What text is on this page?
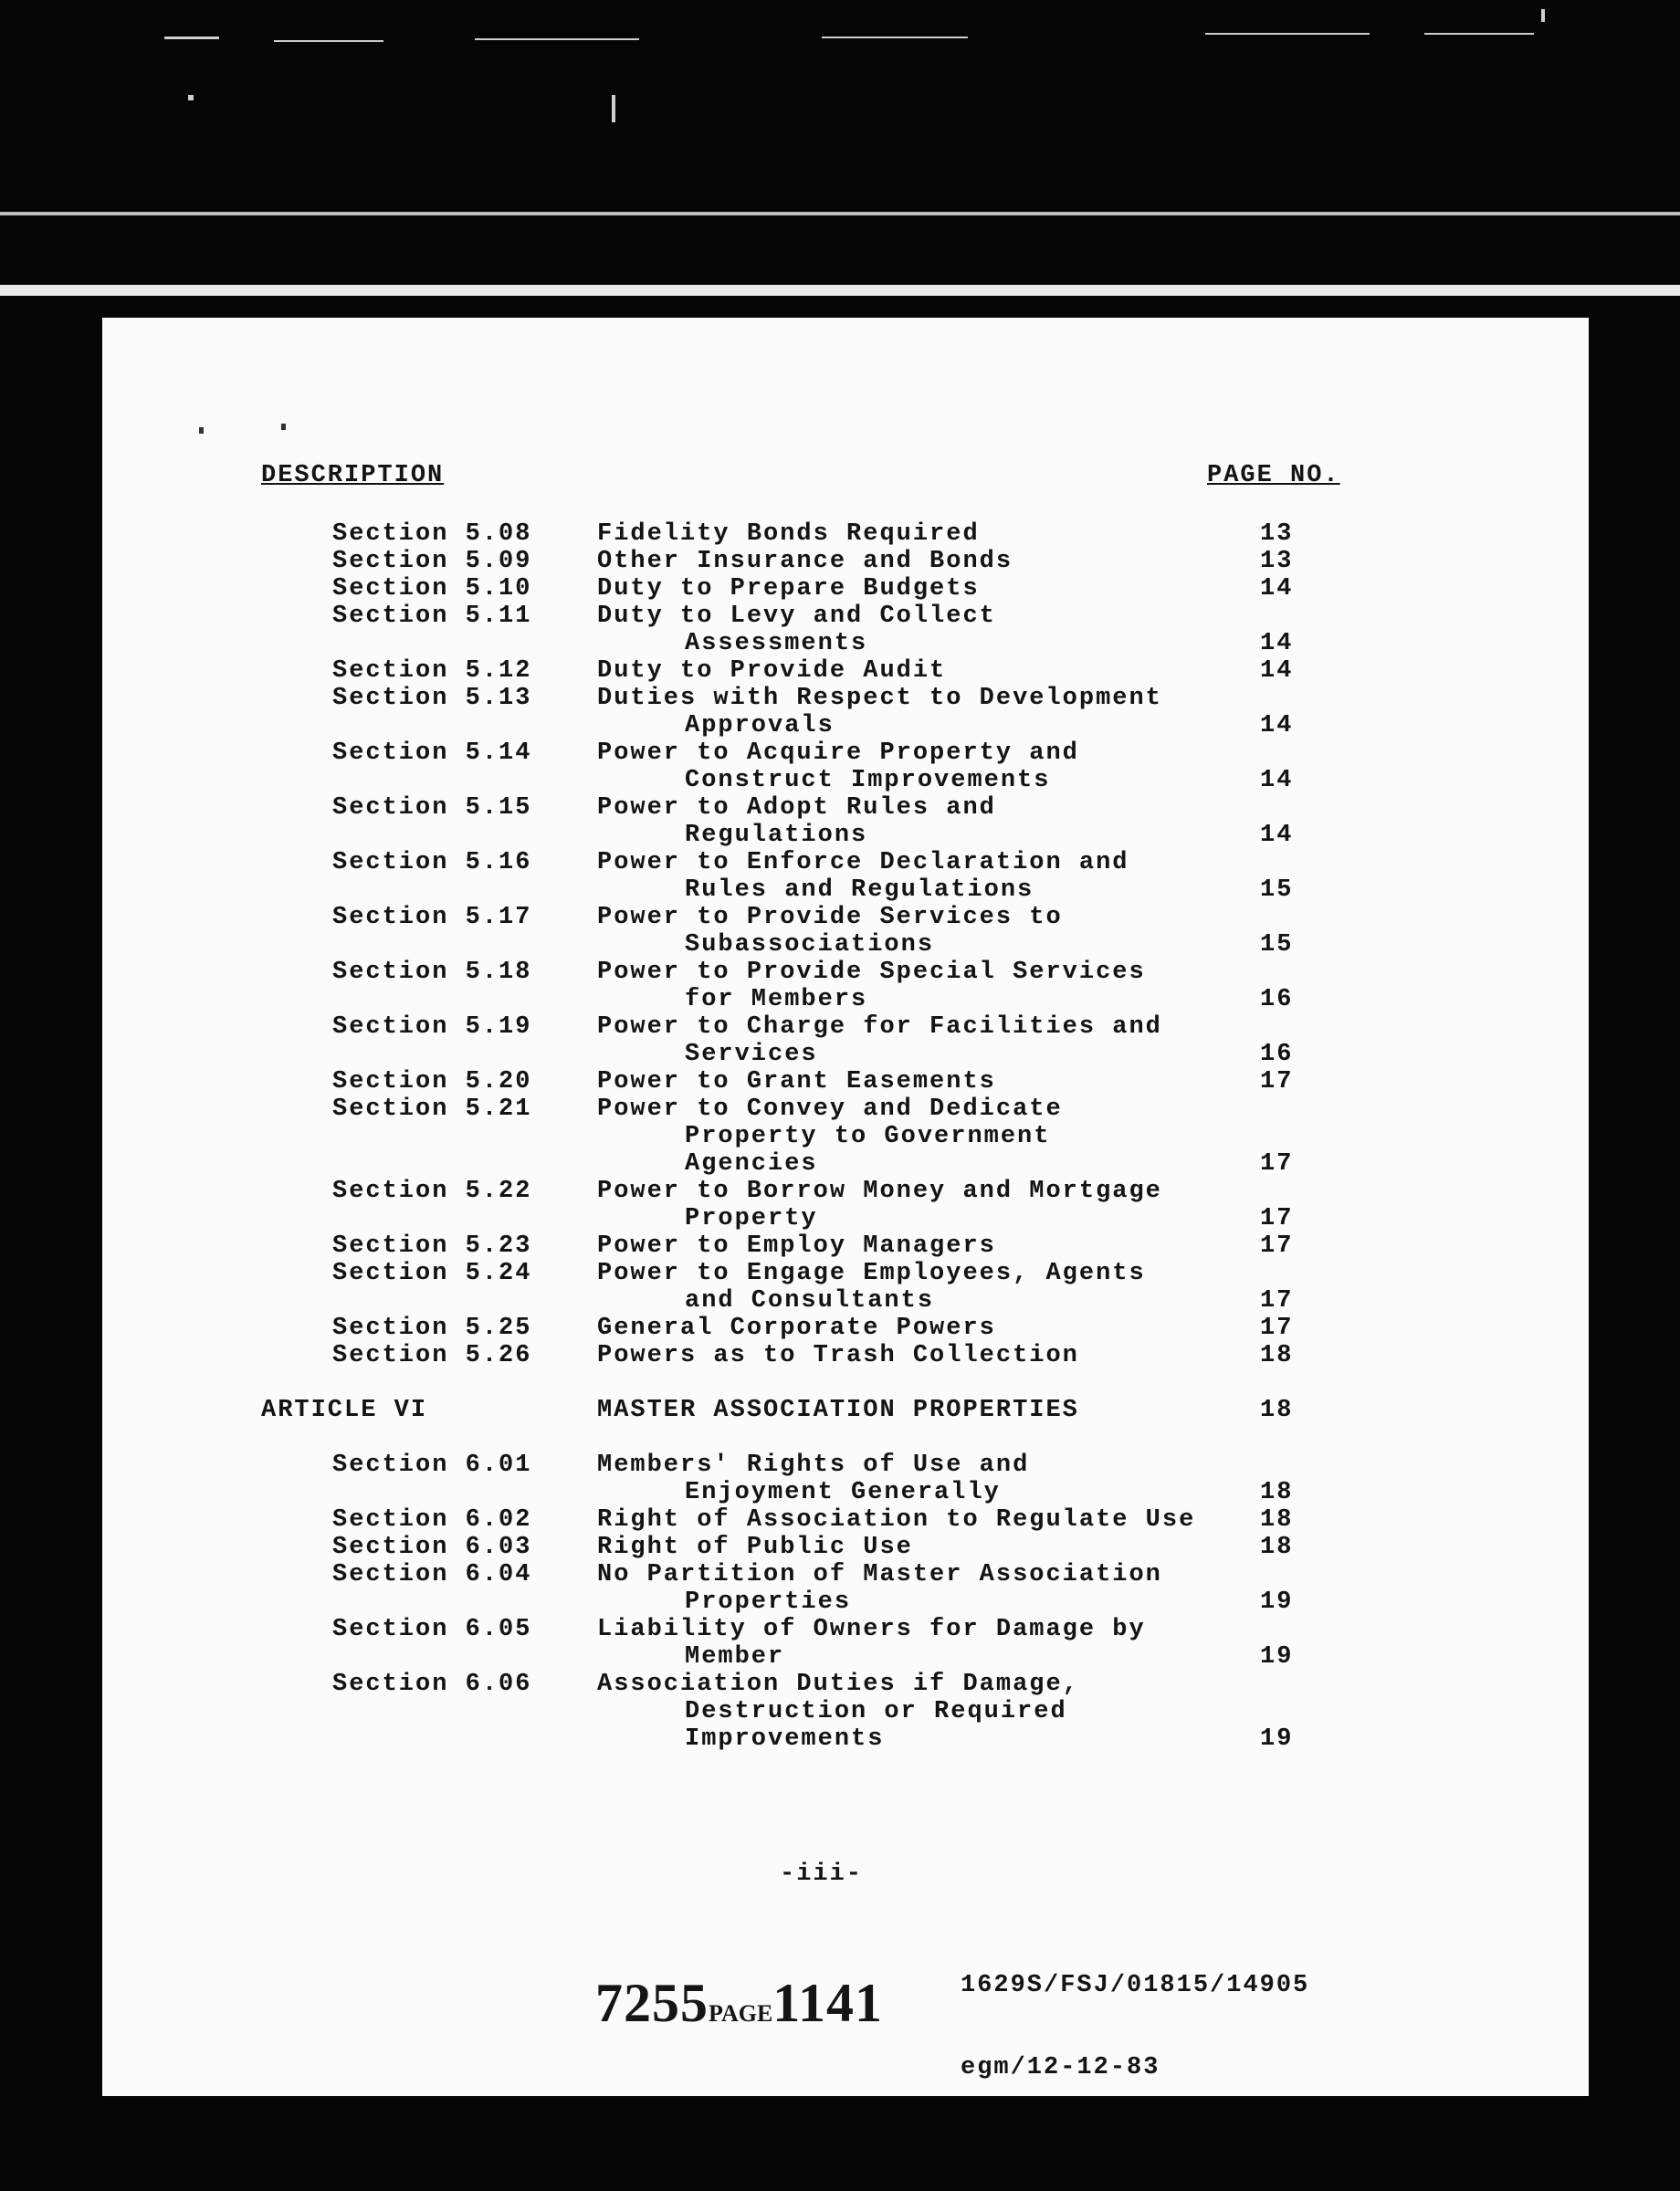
DESCRIPTION	PAGE NO.
Section 5.08	Fidelity Bonds Required	13
Section 5.09	Other Insurance and Bonds	13
Section 5.10	Duty to Prepare Budgets	14
Section 5.11	Duty to Levy and Collect
Assessments	14
Section 5.12	Duty to Provide Audit	14
Section 5.13	Duties with Respect to Development
Approvals	14
Section 5.14	Power to Acquire Property and
Construct Improvements	14
Section 5.15	Power to Adopt Rules and
Regulations	14
Section 5.16	Power to Enforce Declaration and
Rules and Regulations	15
Section 5.17	Power to Provide Services to
Subassociations	15
Section 5.18	Power to Provide Special Services
for Members	16
Section 5.19	Power to Charge for Facilities and
Services	16
Section 5.20	Power to Grant Easements	17
Section 5.21	Power to Convey and Dedicate
Property to Government
Agencies	17
Section 5.22	Power to Borrow Money and Mortgage
Property	17
Section 5.23	Power to Employ Managers	17
Section 5.24	Power to Engage Employees, Agents
and Consultants	17
Section 5.25	General Corporate Powers	17
Section 5.26	Powers as to Trash Collection	18
ARTICLE VI	MASTER ASSOCIATION PROPERTIES	18
Section 6.01	Members' Rights of Use and
Enjoyment Generally	18
Section 6.02	Right of Association to Regulate Use	18
Section 6.03	Right of Public Use	18
Section 6.04	No Partition of Master Association
Properties	19
Section 6.05	Liability of Owners for Damage by
Member	19
Section 6.06	Association Duties if Damage,
Destruction or Required
Improvements	19
-iii-

1629S/FSJ/01815/14905

egm/12-12-83

7255PAGE1141
